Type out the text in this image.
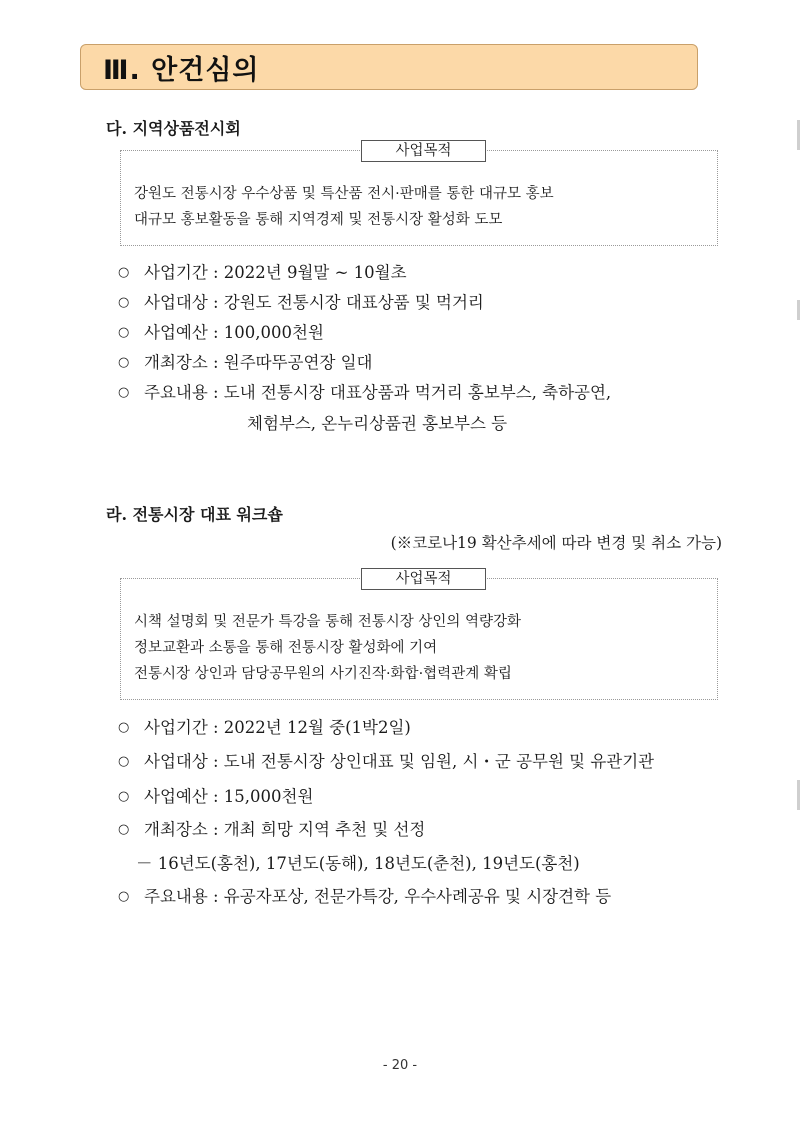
Ⅲ. 안건심의
다. 지역상품전시회
사업목적
강원도 전통시장 우수상품 및 특산품 전시·판매를 통한 대규모 홍보
대규모 홍보활동을 통해 지역경제 및 전통시장 활성화 도모
○ 사업기간 : 2022년 9월말 ~ 10월초
○ 사업대상 : 강원도 전통시장 대표상품 및 먹거리
○ 사업예산 : 100,000천원
○ 개최장소 : 원주따뚜공연장 일대
○ 주요내용 : 도내 전통시장 대표상품과 먹거리 홍보부스, 축하공연,
체험부스, 온누리상품권 홍보부스 등
라. 전통시장 대표 워크숍
(※코로나19 확산추세에 따라 변경 및 취소 가능)
사업목적
시책 설명회 및 전문가 특강을 통해 전통시장 상인의 역량강화
정보교환과 소통을 통해 전통시장 활성화에 기여
전통시장 상인과 담당공무원의 사기진작·화합·협력관계 확립
○ 사업기간 : 2022년 12월 중(1박2일)
○ 사업대상 : 도내 전통시장 상인대표 및 임원, 시・군 공무원 및 유관기관
○ 사업예산 : 15,000천원
○ 개최장소 : 개최 희망 지역 추천 및 선정
－ 16년도(홍천), 17년도(동해), 18년도(춘천), 19년도(홍천)
○ 주요내용 : 유공자포상, 전문가특강, 우수사례공유 및 시장견학 등
- 20 -
